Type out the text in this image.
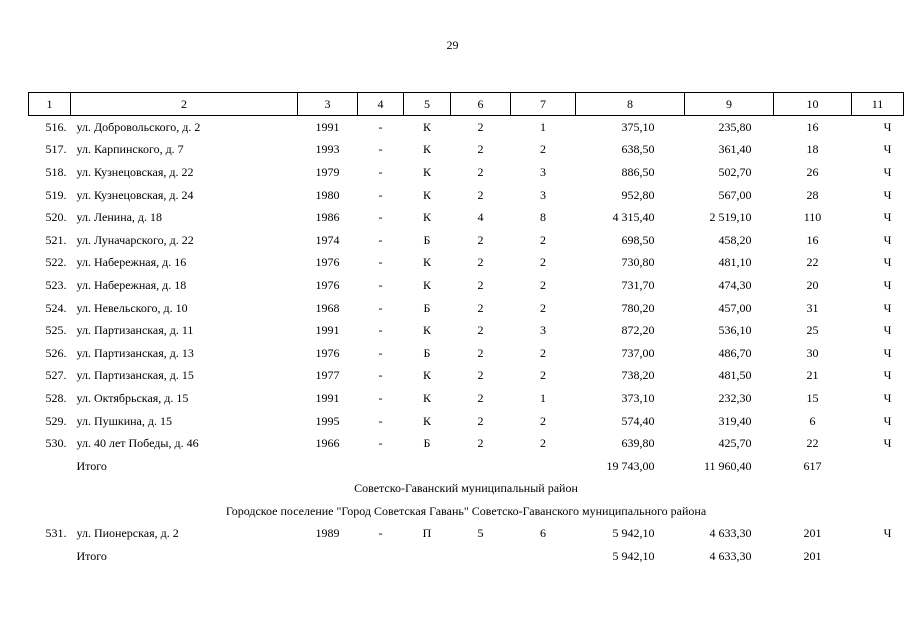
29
1	2	3	4	5	6	7	8	9	10	11
516.	ул. Добровольского, д. 2	1991	-	К	2	1	375,10	235,80	16	Ч
517.	ул. Карпинского, д. 7	1993	-	К	2	2	638,50	361,40	18	Ч
518.	ул. Кузнецовская, д. 22	1979	-	К	2	3	886,50	502,70	26	Ч
519.	ул. Кузнецовская, д. 24	1980	-	К	2	3	952,80	567,00	28	Ч
520.	ул. Ленина, д. 18	1986	-	К	4	8	4 315,40	2 519,10	110	Ч
521.	ул. Луначарского, д. 22	1974	-	Б	2	2	698,50	458,20	16	Ч
522.	ул. Набережная, д. 16	1976	-	К	2	2	730,80	481,10	22	Ч
523.	ул. Набережная, д. 18	1976	-	К	2	2	731,70	474,30	20	Ч
524.	ул. Невельского, д. 10	1968	-	Б	2	2	780,20	457,00	31	Ч
525.	ул. Партизанская, д. 11	1991	-	К	2	3	872,20	536,10	25	Ч
526.	ул. Партизанская, д. 13	1976	-	Б	2	2	737,00	486,70	30	Ч
527.	ул. Партизанская, д. 15	1977	-	К	2	2	738,20	481,50	21	Ч
528.	ул. Октябрьская, д. 15	1991	-	К	2	1	373,10	232,30	15	Ч
529.	ул. Пушкина, д. 15	1995	-	К	2	2	574,40	319,40	6	Ч
530.	ул. 40 лет Победы, д. 46	1966	-	Б	2	2	639,80	425,70	22	Ч
	Итого						19 743,00	11 960,40	617	
Советско-Гаванский муниципальный район										
Городское поселение "Город Советская Гавань" Советско-Гаванского муниципального района										
531.	ул. Пионерская, д. 2	1989	-	П	5	6	5 942,10	4 633,30	201	Ч
	Итого						5 942,10	4 633,30	201	
